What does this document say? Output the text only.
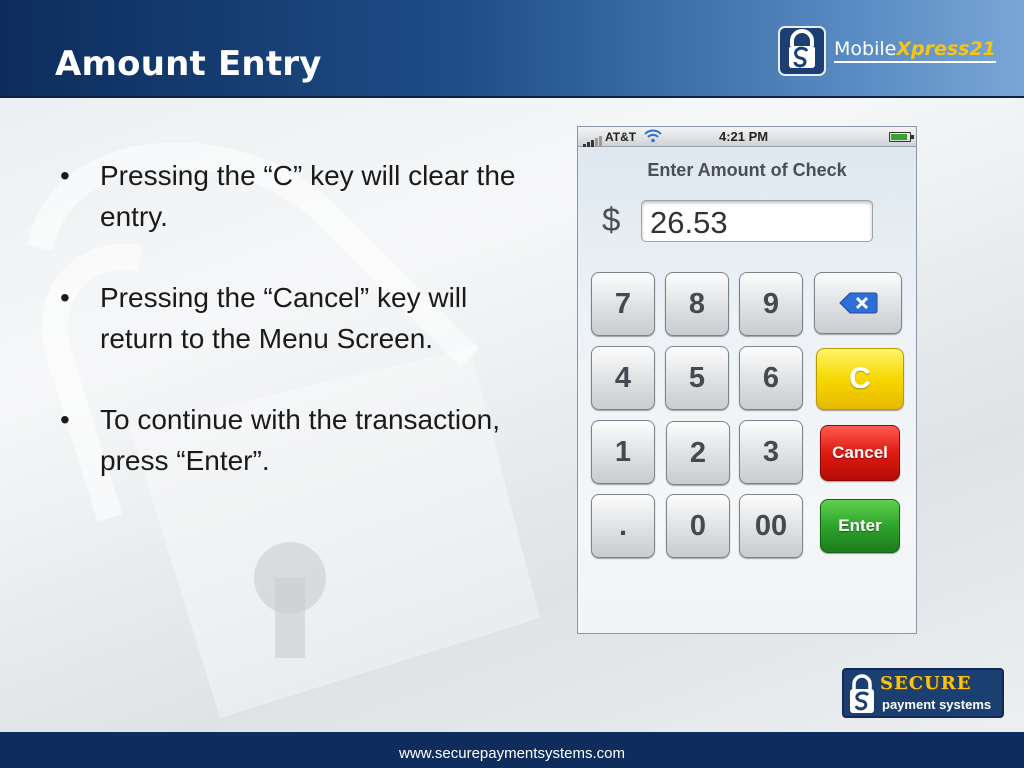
Amount Entry	MobileXpress21
• Pressing the “C” key will clear the entry.
• Pressing the “Cancel” key will return to the Menu Screen.
• To continue with the transaction, press “Enter”.
AT&T	4:21 PM
Enter Amount of Check
$ 26.53
7	8	9
4	5	6	C
1	2	3	Cancel
.	0	00	Enter
SECURE
payment systems
www.securepaymentsystems.com
